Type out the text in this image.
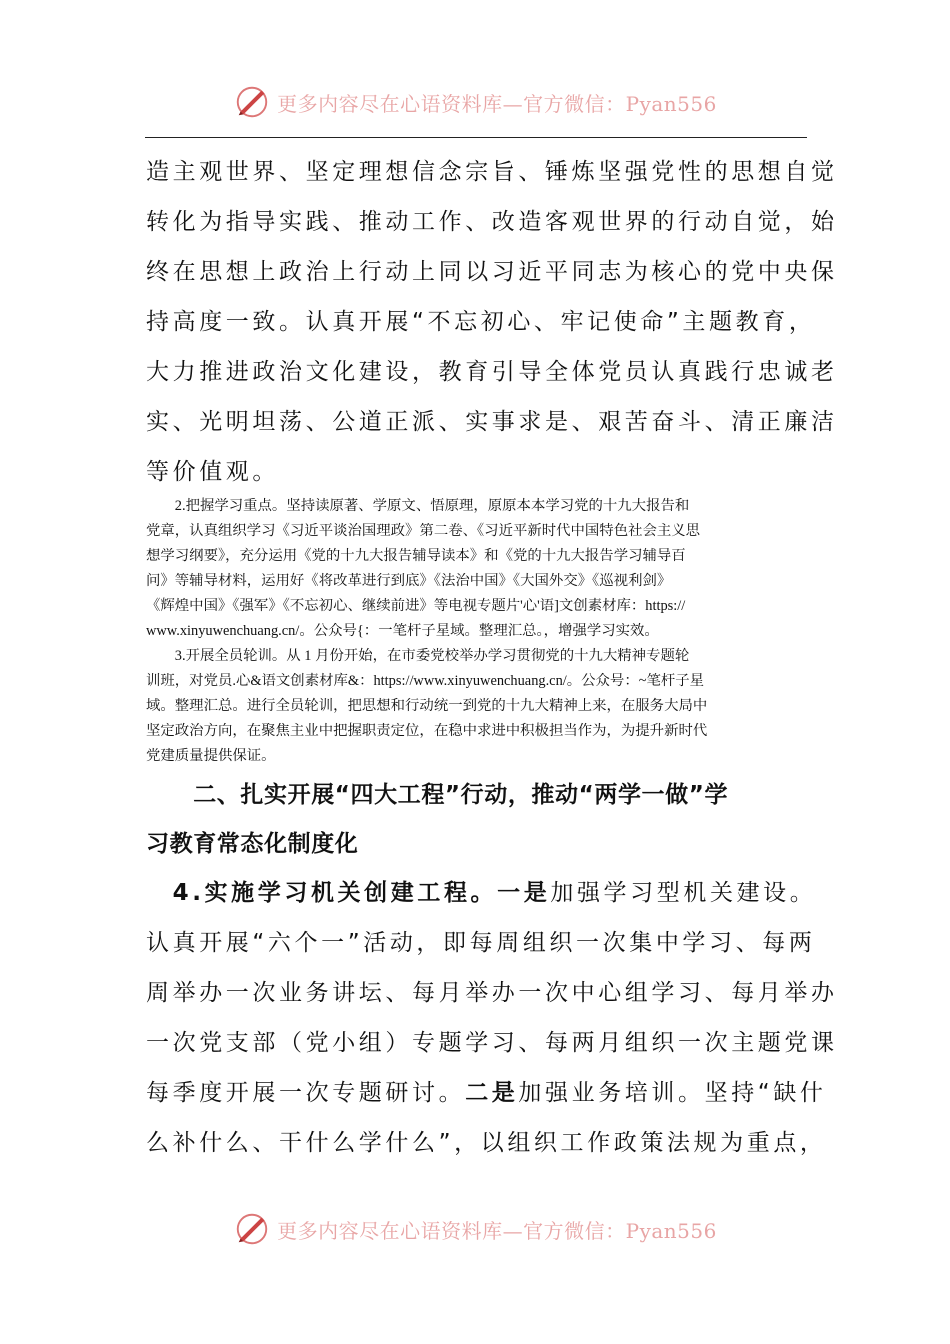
更多内容尽在心语资料库—官方微信：Pyan556
造主观世界、坚定理想信念宗旨、锤炼坚强党性的思想自觉
转化为指导实践、推动工作、改造客观世界的行动自觉，始
终在思想上政治上行动上同以习近平同志为核心的党中央保
持高度一致。认真开展“不忘初心、牢记使命”主题教育，
大力推进政治文化建设，教育引导全体党员认真践行忠诚老
实、光明坦荡、公道正派、实事求是、艰苦奋斗、清正廉洁
等价值观。
　　2.把握学习重点。坚持读原著、学原文、悟原理，原原本本学习党的十九大报告和
党章，认真组织学习《习近平谈治国理政》第二卷、《习近平新时代中国特色社会主义思
想学习纲要》，充分运用《党的十九大报告辅导读本》和《党的十九大报告学习辅导百
问》等辅导材料，运用好《将改革进行到底》《法治中国》《大国外交》《巡视利剑》
《辉煌中国》《强军》《不忘初心、继续前进》等电视专题片'心'语]文创素材库：https://
www.xinyuwenchuang.cn/。公众号{：一笔杆子星域。整理汇总。，增强学习实效。
　　3.开展全员轮训。从 1 月份开始，在市委党校举办学习贯彻党的十九大精神专题轮
训班，对党员.心&语文创素材库&：https://www.xinyuwenchuang.cn/。公众号：~笔杆子星
域。整理汇总。进行全员轮训，把思想和行动统一到党的十九大精神上来，在服务大局中
坚定政治方向，在聚焦主业中把握职责定位，在稳中求进中积极担当作为，为提升新时代
党建质量提供保证。
　　二、扎实开展“四大工程”行动，推动“两学一做”学
习教育常态化制度化
　4.实施学习机关创建工程。一是加强学习型机关建设。
认真开展“六个一”活动，即每周组织一次集中学习、每两
周举办一次业务讲坛、每月举办一次中心组学习、每月举办
一次党支部（党小组）专题学习、每两月组织一次主题党课
每季度开展一次专题研讨。二是加强业务培训。坚持“缺什
么补什么、干什么学什么”，以组织工作政策法规为重点，
更多内容尽在心语资料库—官方微信：Pyan556
